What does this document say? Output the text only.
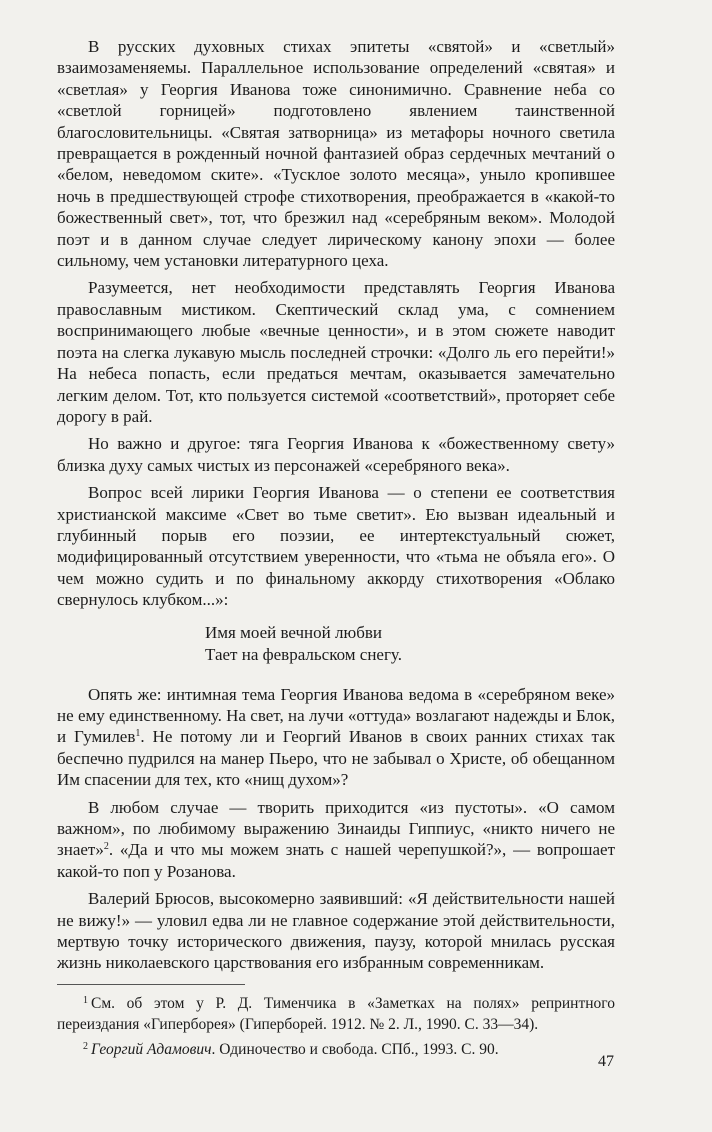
В русских духовных стихах эпитеты «святой» и «светлый» взаимозаменяемы. Параллельное использование определений «святая» и «светлая» у Георгия Иванова тоже синонимично. Сравнение неба со «светлой горницей» подготовлено явлением таинственной благословительницы. «Святая затворница» из метафоры ночного светила превращается в рожденный ночной фантазией образ сердечных мечтаний о «белом, неведомом ските». «Тусклое золото месяца», уныло кропившее ночь в предшествующей строфе стихотворения, преображается в «какой-то божественный свет», тот, что брезжил над «серебряным веком». Молодой поэт и в данном случае следует лирическому канону эпохи — более сильному, чем установки литературного цеха.

Разумеется, нет необходимости представлять Георгия Иванова православным мистиком. Скептический склад ума, с сомнением воспринимающего любые «вечные ценности», и в этом сюжете наводит поэта на слегка лукавую мысль последней строчки: «Долго ль его перейти!» На небеса попасть, если предаться мечтам, оказывается замечательно легким делом. Тот, кто пользуется системой «соответствий», проторяет себе дорогу в рай.

Но важно и другое: тяга Георгия Иванова к «божественному свету» близка духу самых чистых из персонажей «серебряного века».

Вопрос всей лирики Георгия Иванова — о степени ее соответствия христианской максиме «Свет во тьме светит». Ею вызван идеальный и глубинный порыв его поэзии, ее интертекстуальный сюжет, модифицированный отсутствием уверенности, что «тьма не объяла его». О чем можно судить и по финальному аккорду стихотворения «Облако свернулось клубком...»:

Имя моей вечной любви
Тает на февральском снегу.

Опять же: интимная тема Георгия Иванова ведома в «серебряном веке» не ему единственному. На свет, на лучи «оттуда» возлагают надежды и Блок, и Гумилев$^1$. Не потому ли и Георгий Иванов в своих ранних стихах так беспечно пудрился на манер Пьеро, что не забывал о Христе, об обещанном Им спасении для тех, кто «нищ духом»?

В любом случае — творить приходится «из пустоты». «О самом важном», по любимому выражению Зинаиды Гиппиус, «никто ничего не знает»$^2$. «Да и что мы можем знать с нашей черепушкой?», — вопрошает какой-то поп у Розанова.

Валерий Брюсов, высокомерно заявивший: «Я действительности нашей не вижу!» — уловил едва ли не главное содержание этой действительности, мертвую точку исторического движения, паузу, которой мнилась русская жизнь николаевского царствования его избранным современникам.

$^1$ См. об этом у Р. Д. Тименчика в «Заметках на полях» репринтного переиздания «Гиперборея» (Гиперборей. 1912. № 2. Л., 1990. С. 33—34).

$^2$ Георгий Адамович. Одиночество и свобода. СПб., 1993. С. 90.

47
